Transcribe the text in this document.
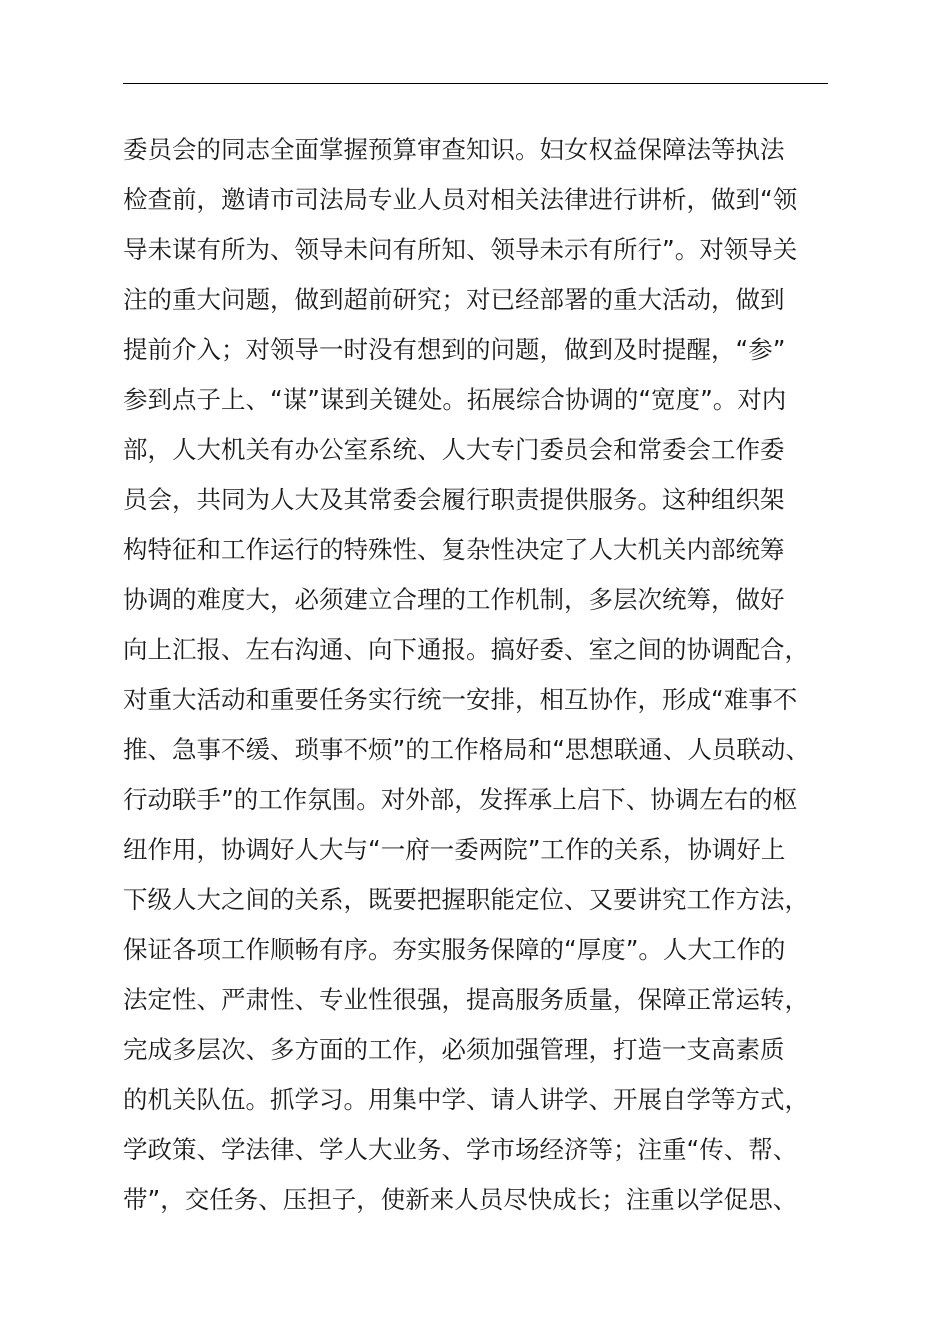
委员会的同志全面掌握预算审查知识。妇女权益保障法等执法
检查前，邀请市司法局专业人员对相关法律进行讲析，做到“领
导未谋有所为、领导未问有所知、领导未示有所行”。对领导关
注的重大问题，做到超前研究；对已经部署的重大活动，做到
提前介入；对领导一时没有想到的问题，做到及时提醒，“参”
参到点子上、“谋”谋到关键处。拓展综合协调的“宽度”。对内
部，人大机关有办公室系统、人大专门委员会和常委会工作委
员会，共同为人大及其常委会履行职责提供服务。这种组织架
构特征和工作运行的特殊性、复杂性决定了人大机关内部统筹
协调的难度大，必须建立合理的工作机制，多层次统筹，做好
向上汇报、左右沟通、向下通报。搞好委、室之间的协调配合，
对重大活动和重要任务实行统一安排，相互协作，形成“难事不
推、急事不缓、琐事不烦”的工作格局和“思想联通、人员联动、
行动联手”的工作氛围。对外部，发挥承上启下、协调左右的枢
纽作用，协调好人大与“一府一委两院”工作的关系，协调好上
下级人大之间的关系，既要把握职能定位、又要讲究工作方法，
保证各项工作顺畅有序。夯实服务保障的“厚度”。人大工作的
法定性、严肃性、专业性很强，提高服务质量，保障正常运转，
完成多层次、多方面的工作，必须加强管理，打造一支高素质
的机关队伍。抓学习。用集中学、请人讲学、开展自学等方式，
学政策、学法律、学人大业务、学市场经济等；注重“传、帮、
带”，交任务、压担子，使新来人员尽快成长；注重以学促思、
